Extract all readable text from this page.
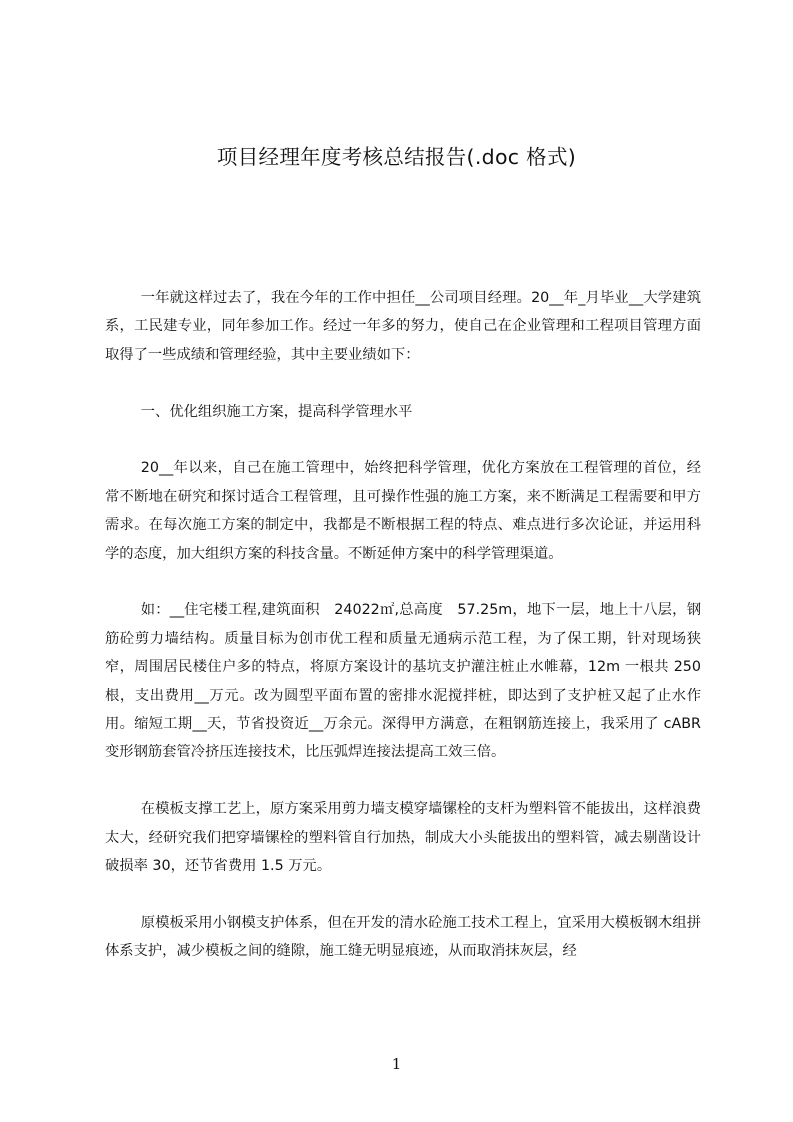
项目经理年度考核总结报告(.doc 格式)

一年就这样过去了，我在今年的工作中担任__公司项目经理。20__年_月毕业__大学建筑系，工民建专业，同年参加工作。经过一年多的努力，使自己在企业管理和工程项目管理方面取得了一些成绩和管理经验，其中主要业绩如下：

一、优化组织施工方案，提高科学管理水平

20__年以来，自己在施工管理中，始终把科学管理，优化方案放在工程管理的首位，经常不断地在研究和探讨适合工程管理，且可操作性强的施工方案，来不断满足工程需要和甲方需求。在每次施工方案的制定中，我都是不断根据工程的特点、难点进行多次论证，并运用科学的态度，加大组织方案的科技含量。不断延伸方案中的科学管理渠道。

如：__住宅楼工程,建筑面积　24022㎡,总高度　57.25m，地下一层，地上十八层，钢筋砼剪力墙结构。质量目标为创市优工程和质量无通病示范工程，为了保工期，针对现场狭窄，周围居民楼住户多的特点，将原方案设计的基坑支护灌注桩止水帷幕，12m 一根共 250 根，支出费用__万元。改为圆型平面布置的密排水泥搅拌桩，即达到了支护桩又起了止水作用。缩短工期__天，节省投资近__万余元。深得甲方满意，在粗钢筋连接上，我采用了 cABR 变形钢筋套管冷挤压连接技术，比压弧焊连接法提高工效三倍。

在模板支撑工艺上，原方案采用剪力墙支模穿墙镙栓的支杆为塑料管不能拔出，这样浪费太大，经研究我们把穿墙镙栓的塑料管自行加热，制成大小头能拔出的塑料管，减去剔凿设计破损率 30，还节省费用 1.5 万元。

原模板采用小钢模支护体系，但在开发的清水砼施工技术工程上，宜采用大模板钢木组拼体系支护，减少模板之间的缝隙，施工缝无明显痕迹，从而取消抹灰层，经

1
